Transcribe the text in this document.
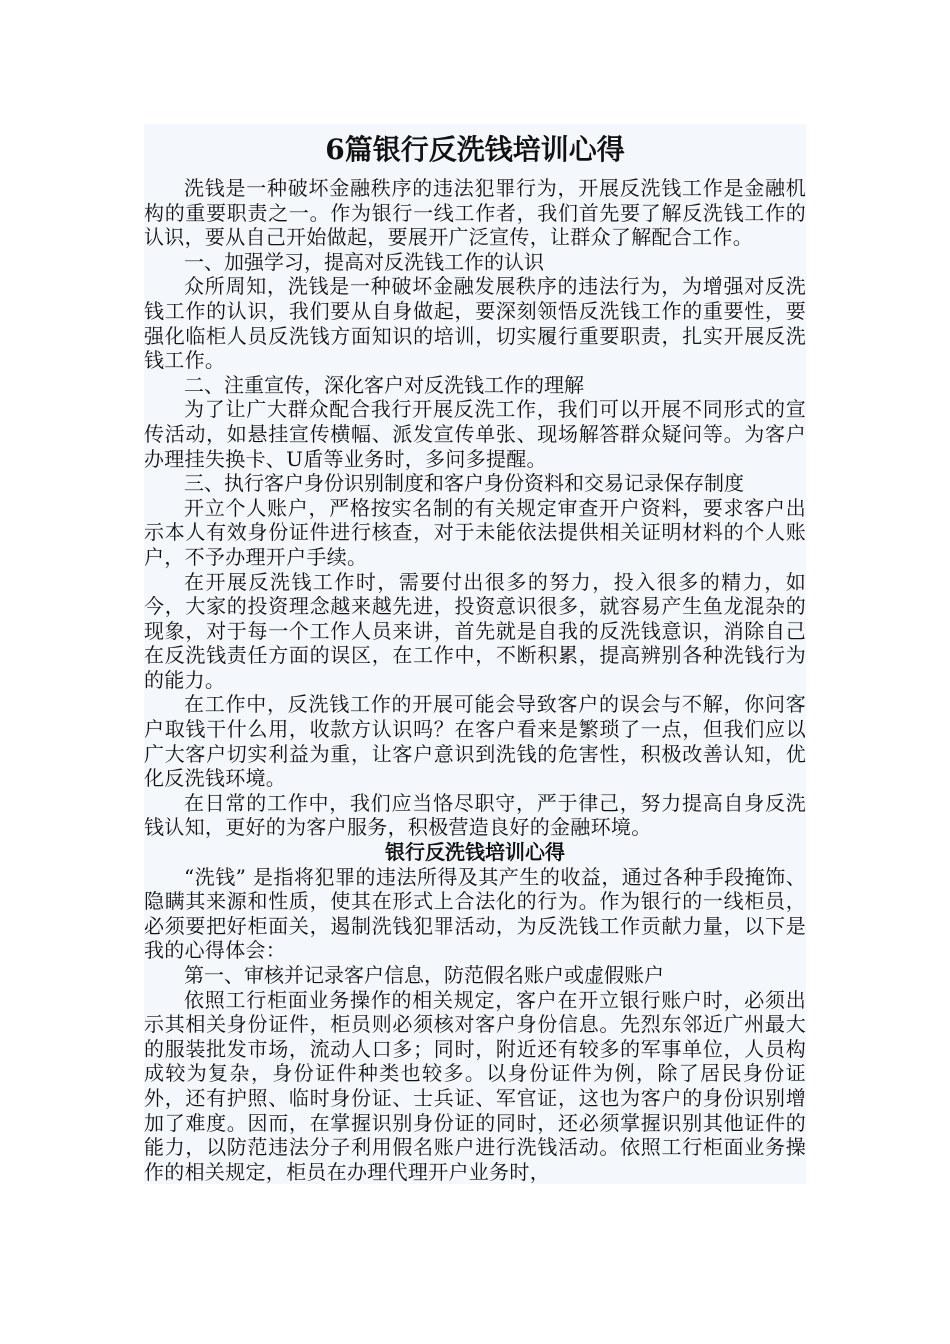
6篇银行反洗钱培训心得

洗钱是一种破坏金融秩序的违法犯罪行为，开展反洗钱工作是金融机构的重要职责之一。作为银行一线工作者，我们首先要了解反洗钱工作的认识，要从自己开始做起，要展开广泛宣传，让群众了解配合工作。

一、加强学习，提高对反洗钱工作的认识

众所周知，洗钱是一种破坏金融发展秩序的违法行为，为增强对反洗钱工作的认识，我们要从自身做起，要深刻领悟反洗钱工作的重要性，要强化临柜人员反洗钱方面知识的培训，切实履行重要职责，扎实开展反洗钱工作。

二、注重宣传，深化客户对反洗钱工作的理解

为了让广大群众配合我行开展反洗工作，我们可以开展不同形式的宣传活动，如悬挂宣传横幅、派发宣传单张、现场解答群众疑问等。为客户办理挂失换卡、U盾等业务时，多问多提醒。

三、执行客户身份识别制度和客户身份资料和交易记录保存制度

开立个人账户，严格按实名制的有关规定审查开户资料，要求客户出示本人有效身份证件进行核查，对于未能依法提供相关证明材料的个人账户，不予办理开户手续。

在开展反洗钱工作时，需要付出很多的努力，投入很多的精力，如今，大家的投资理念越来越先进，投资意识很多，就容易产生鱼龙混杂的现象，对于每一个工作人员来讲，首先就是自我的反洗钱意识，消除自己在反洗钱责任方面的误区，在工作中，不断积累，提高辨别各种洗钱行为的能力。

在工作中，反洗钱工作的开展可能会导致客户的误会与不解，你问客户取钱干什么用，收款方认识吗？在客户看来是繁琐了一点，但我们应以广大客户切实利益为重，让客户意识到洗钱的危害性，积极改善认知，优化反洗钱环境。

在日常的工作中，我们应当恪尽职守，严于律己，努力提高自身反洗钱认知，更好的为客户服务，积极营造良好的金融环境。

银行反洗钱培训心得

“洗钱” 是指将犯罪的违法所得及其产生的收益，通过各种手段掩饰、隐瞒其来源和性质，使其在形式上合法化的行为。作为银行的一线柜员，必须要把好柜面关，遏制洗钱犯罪活动，为反洗钱工作贡献力量，以下是我的心得体会：

第一、审核并记录客户信息，防范假名账户或虚假账户

依照工行柜面业务操作的相关规定，客户在开立银行账户时，必须出示其相关身份证件，柜员则必须核对客户身份信息。先烈东邻近广州最大的服装批发市场，流动人口多；同时，附近还有较多的军事单位，人员构成较为复杂，身份证件种类也较多。以身份证件为例，除了居民身份证外，还有护照、临时身份证、士兵证、军官证，这也为客户的身份识别增加了难度。因而，在掌握识别身份证的同时，还必须掌握识别其他证件的能力，以防范违法分子利用假名账户进行洗钱活动。依照工行柜面业务操作的相关规定，柜员在办理代理开户业务时，
